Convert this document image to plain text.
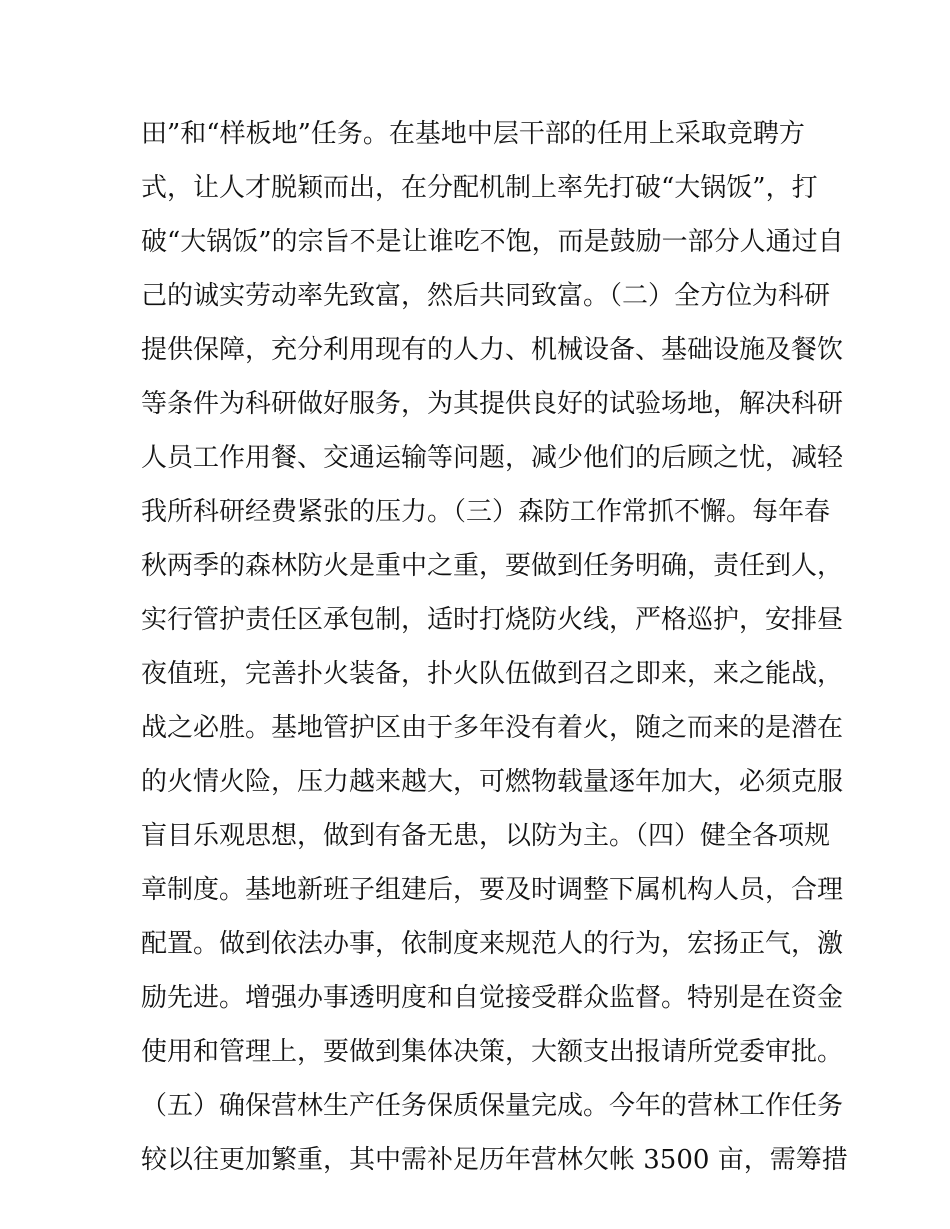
田”和“样板地”任务。在基地中层干部的任用上采取竞聘方
式，让人才脱颖而出，在分配机制上率先打破“大锅饭”，打
破“大锅饭”的宗旨不是让谁吃不饱，而是鼓励一部分人通过自
己的诚实劳动率先致富，然后共同致富。（二）全方位为科研
提供保障，充分利用现有的人力、机械设备、基础设施及餐饮
等条件为科研做好服务，为其提供良好的试验场地，解决科研
人员工作用餐、交通运输等问题，减少他们的后顾之忧，减轻
我所科研经费紧张的压力。（三）森防工作常抓不懈。每年春
秋两季的森林防火是重中之重，要做到任务明确，责任到人，
实行管护责任区承包制，适时打烧防火线，严格巡护，安排昼
夜值班，完善扑火装备，扑火队伍做到召之即来，来之能战，
战之必胜。基地管护区由于多年没有着火，随之而来的是潜在
的火情火险，压力越来越大，可燃物载量逐年加大，必须克服
盲目乐观思想，做到有备无患，以防为主。（四）健全各项规
章制度。基地新班子组建后，要及时调整下属机构人员，合理
配置。做到依法办事，依制度来规范人的行为，宏扬正气，激
励先进。增强办事透明度和自觉接受群众监督。特别是在资金
使用和管理上，要做到集体决策，大额支出报请所党委审批。
（五）确保营林生产任务保质保量完成。今年的营林工作任务
较以往更加繁重，其中需补足历年营林欠帐 3500 亩，需筹措
